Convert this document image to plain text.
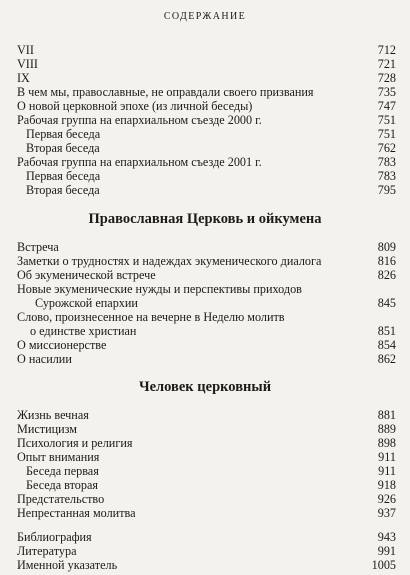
СОДЕРЖАНИЕ
VII	712
VIII	721
IX	728
В чем мы, православные, не оправдали своего призвания	735
О новой церковной эпохе (из личной беседы)	747
Рабочая группа на епархиальном съезде 2000 г.	751
Первая беседа	751
Вторая беседа	762
Рабочая группа на епархиальном съезде 2001 г.	783
Первая беседа	783
Вторая беседа	795
Православная Церковь и ойкумена
Встреча	809
Заметки о трудностях и надеждах экуменического диалога	816
Об экуменической встрече	826
Новые экуменические нужды и перспективы приходов
Сурожской епархии	845
Слово, произнесенное на вечерне в Неделю молитв
о единстве христиан	851
О миссионерстве	854
О насилии	862
Человек церковный
Жизнь вечная	881
Мистицизм	889
Психология и религия	898
Опыт внимания	911
Беседа первая	911
Беседа вторая	918
Предстательство	926
Непрестанная молитва	937
Библиография	943
Литература	991
Именной указатель	1005
